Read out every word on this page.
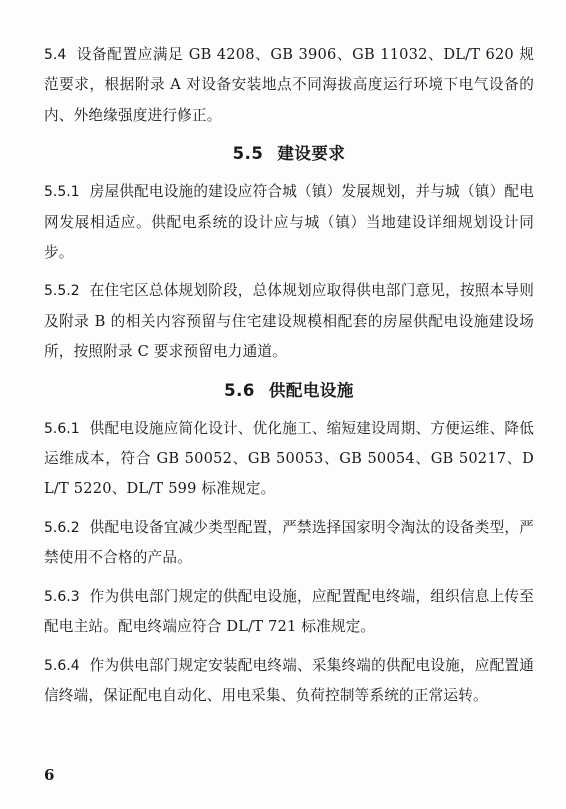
5.4 设备配置应满足 GB 4208、GB 3906、GB 11032、DL/T 620 规范要求，根据附录 A 对设备安装地点不同海拔高度运行环境下电气设备的内、外绝缘强度进行修正。

5.5 建设要求

5.5.1 房屋供配电设施的建设应符合城（镇）发展规划，并与城（镇）配电网发展相适应。供配电系统的设计应与城（镇）当地建设详细规划设计同步。

5.5.2 在住宅区总体规划阶段，总体规划应取得供电部门意见，按照本导则及附录 B 的相关内容预留与住宅建设规模相配套的房屋供配电设施建设场所，按照附录 C 要求预留电力通道。

5.6 供配电设施

5.6.1 供配电设施应简化设计、优化施工、缩短建设周期、方便运维、降低运维成本，符合 GB 50052、GB 50053、GB 50054、GB 50217、DL/T 5220、DL/T 599 标准规定。

5.6.2 供配电设备宜减少类型配置，严禁选择国家明令淘汰的设备类型，严禁使用不合格的产品。

5.6.3 作为供电部门规定的供配电设施，应配置配电终端，组织信息上传至配电主站。配电终端应符合 DL/T 721 标准规定。

5.6.4 作为供电部门规定安装配电终端、采集终端的供配电设施，应配置通信终端，保证配电自动化、用电采集、负荷控制等系统的正常运转。

6
